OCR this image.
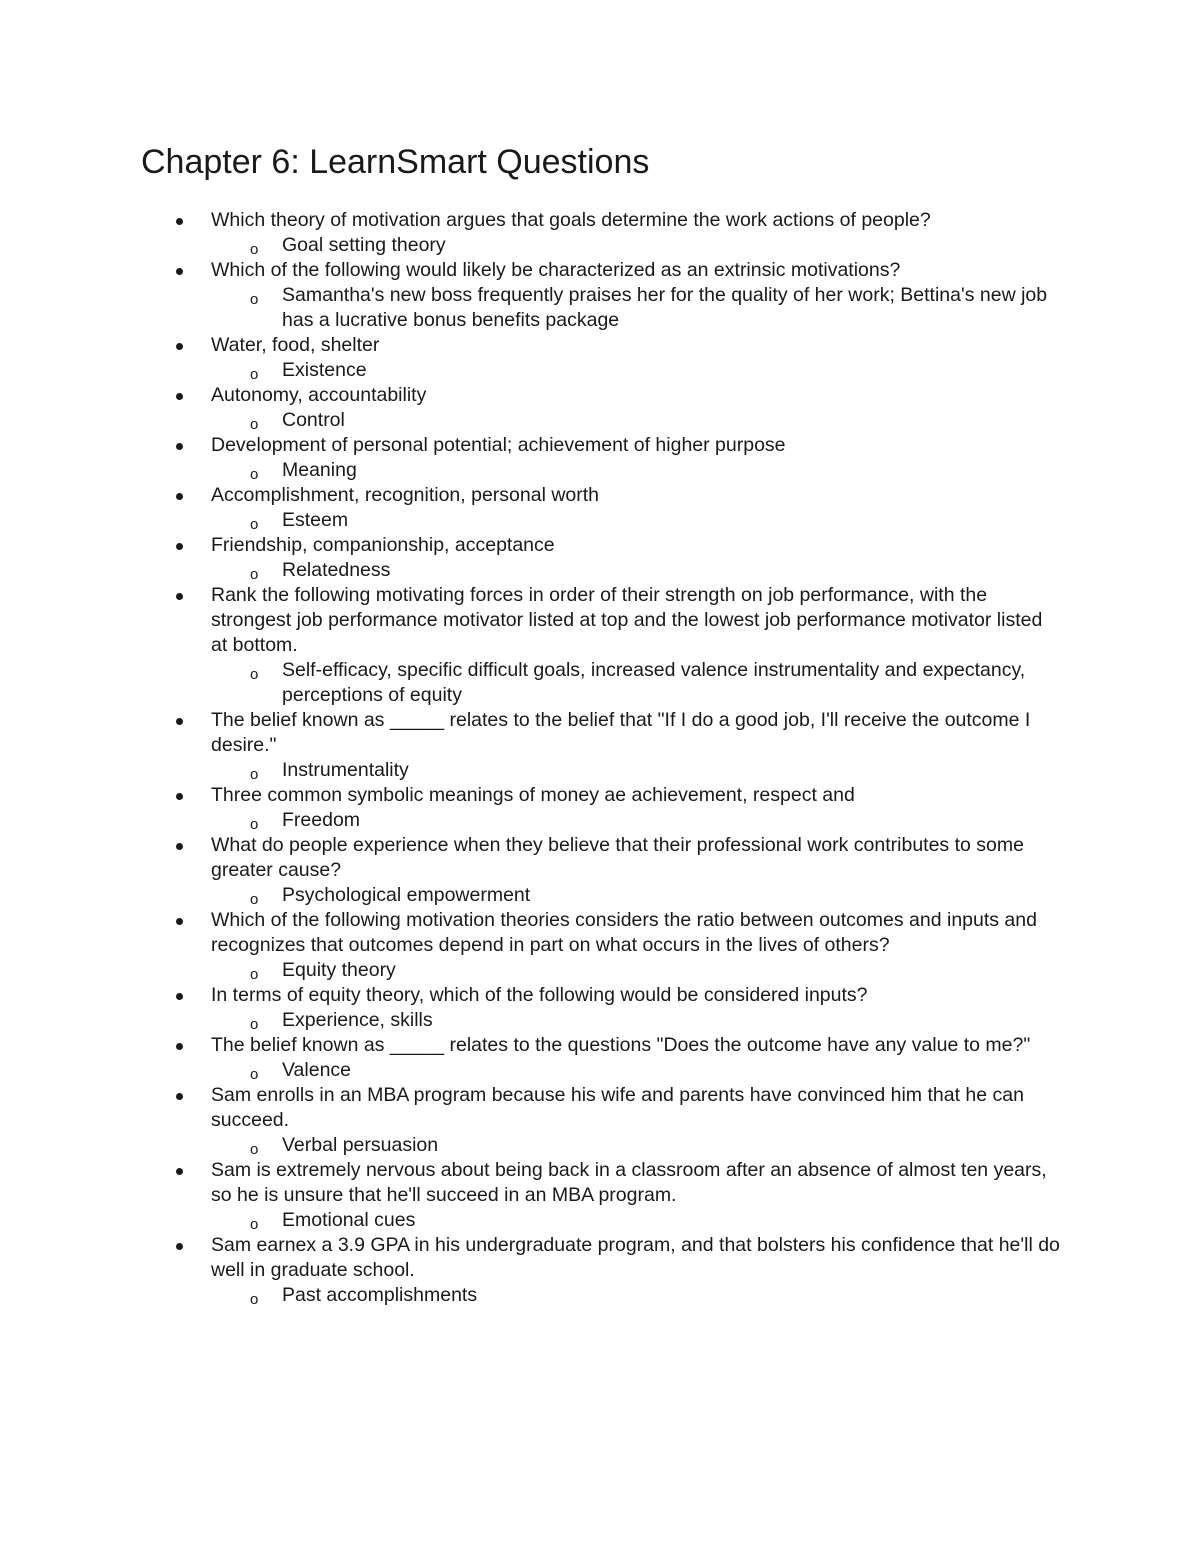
Chapter 6: LearnSmart Questions
Which theory of motivation argues that goals determine the work actions of people?
o Goal setting theory
Which of the following would likely be characterized as an extrinsic motivations?
o Samantha's new boss frequently praises her for the quality of her work; Bettina's new job has a lucrative bonus benefits package
Water, food, shelter
o Existence
Autonomy, accountability
o Control
Development of personal potential; achievement of higher purpose
o Meaning
Accomplishment, recognition, personal worth
o Esteem
Friendship, companionship, acceptance
o Relatedness
Rank the following motivating forces in order of their strength on job performance, with the strongest job performance motivator listed at top and the lowest job performance motivator listed at bottom.
o Self-efficacy, specific difficult goals, increased valence instrumentality and expectancy, perceptions of equity
The belief known as _____ relates to the belief that "If I do a good job, I'll receive the outcome I desire."
o Instrumentality
Three common symbolic meanings of money ae achievement, respect and
o Freedom
What do people experience when they believe that their professional work contributes to some greater cause?
o Psychological empowerment
Which of the following motivation theories considers the ratio between outcomes and inputs and recognizes that outcomes depend in part on what occurs in the lives of others?
o Equity theory
In terms of equity theory, which of the following would be considered inputs?
o Experience, skills
The belief known as _____ relates to the questions "Does the outcome have any value to me?"
o Valence
Sam enrolls in an MBA program because his wife and parents have convinced him that he can succeed.
o Verbal persuasion
Sam is extremely nervous about being back in a classroom after an absence of almost ten years, so he is unsure that he'll succeed in an MBA program.
o Emotional cues
Sam earnex a 3.9 GPA in his undergraduate program, and that bolsters his confidence that he'll do well in graduate school.
o Past accomplishments
